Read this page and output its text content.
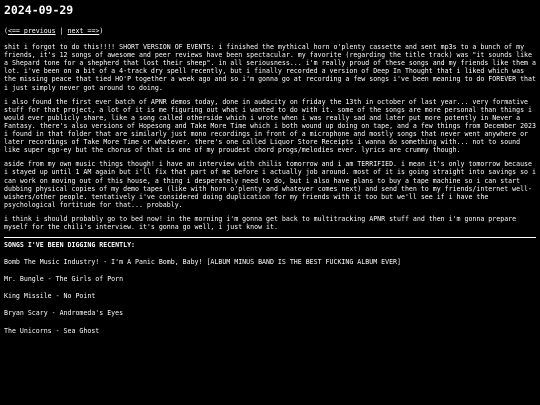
2024-09-29
(<== previous | next ==>)

shit i forgot to do this!!!! SHORT VERSION OF EVENTS: i finished the mythical horn o'plenty cassette and sent mp3s to a bunch of my friends, it's 12 songs of awesome and peer reviews have been spectacular. my favorite (regarding the title track) was "it sounds like a Shepard tone for a shepherd that lost their sheep". in all seriousness... i'm really proud of these songs and my friends like them a lot. i've been on a bit of a 4-track dry spell recently, but i finally recorded a version of Deep In Thought that i liked which was the missing peace that tied HO'P together a week ago and so i'm gonna go at recording a few songs i've been meaning to do FOREVER that i just simply never got around to doing.

i also found the first ever batch of APNR demos today, done in audacity on friday the 13th in october of last year... very formative stuff for that project, a lot of it is me figuring out what i wanted to do with it. some of the songs are more personal than things i would ever publicly share, like a song called otherside which i wrote when i was really sad and later put more potently in Never a Fantasy. there's also versions of Hopesong and Take More Time which i both wound up doing on tape, and a few things from December 2023 i found in that folder that are similarly just mono recordings in front of a microphone and mostly songs that never went anywhere or later recordings of Take More Time or whatever. there's one called Liquor Store Receipts i wanna do something with... not to sound like super ego-ey but the chorus of that is one of my proudest chord progs/melodies ever. lyrics are crummy though.

aside from my own music things though! i have an interview with chilis tomorrow and i am TERRIFIED. i mean it's only tomorrow because i stayed up until 1 AM again but i'll fix that part of me before i actually job around. most of it is going straight into savings so i can work on moving out of this house, a thing i desperately need to do, but i also have plans to buy a tape machine so i can start dubbing physical copies of my demo tapes (like with horn o'plenty and whatever comes next) and send then to my friends/internet well-wishers/other people. tentatively i've considered doing duplication for my friends with it too but we'll see if i have the psychological fortitude for that... probably.

i think i should probably go to bed now! in the morning i'm gonna get back to multitracking APNR stuff and then i'm gonna prepare myself for the chili's interview. it's gonna go well, i just know it.

SONGS I'VE BEEN DIGGING RECENTLY:
Bomb The Music Industry! - I'm A Panic Bomb, Baby! [ALBUM MINUS BAND IS THE BEST FUCKING ALBUM EVER]
Mr. Bungle - The Girls of Porn
King Missile - No Point
Bryan Scary - Andromeda's Eyes
The Unicorns - Sea Ghost
